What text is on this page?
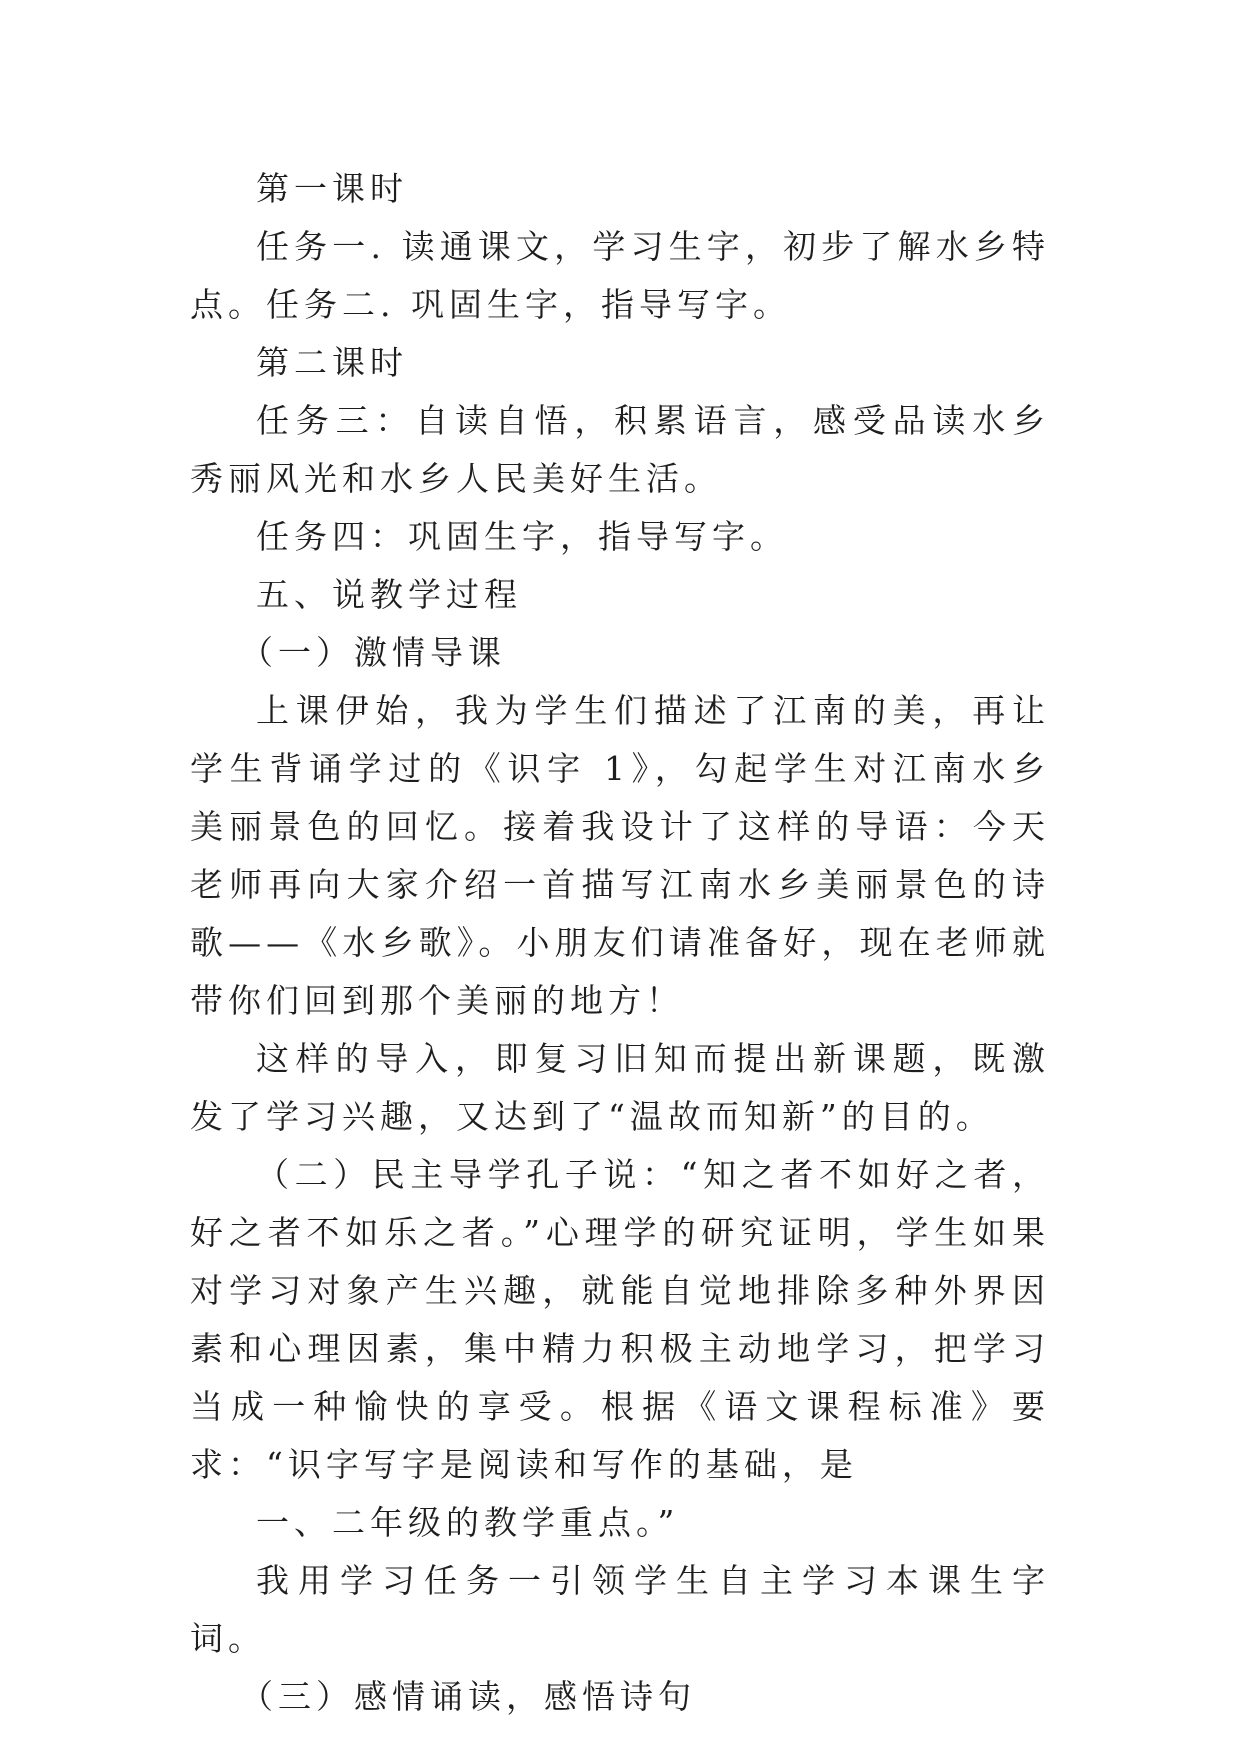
第一课时

任务一. 读通课文，学习生字，初步了解水乡特点。任务二. 巩固生字，指导写字。

第二课时

任务三：自读自悟，积累语言，感受品读水乡秀丽风光和水乡人民美好生活。

任务四：巩固生字，指导写字。

五、说教学过程

（一）激情导课

上课伊始，我为学生们描述了江南的美，再让学生背诵学过的《识字 1》，勾起学生对江南水乡美丽景色的回忆。接着我设计了这样的导语：今天老师再向大家介绍一首描写江南水乡美丽景色的诗歌——《水乡歌》。小朋友们请准备好，现在老师就带你们回到那个美丽的地方！

这样的导入，即复习旧知而提出新课题，既激发了学习兴趣，又达到了“温故而知新”的目的。

（二）民主导学孔子说：“知之者不如好之者，好之者不如乐之者。”心理学的研究证明，学生如果对学习对象产生兴趣，就能自觉地排除多种外界因素和心理因素，集中精力积极主动地学习，把学习当成一种愉快的享受。根据《语文课程标准》要求：“识字写字是阅读和写作的基础，是

一、二年级的教学重点。”

我用学习任务一引领学生自主学习本课生字词。

（三）感情诵读，感悟诗句
